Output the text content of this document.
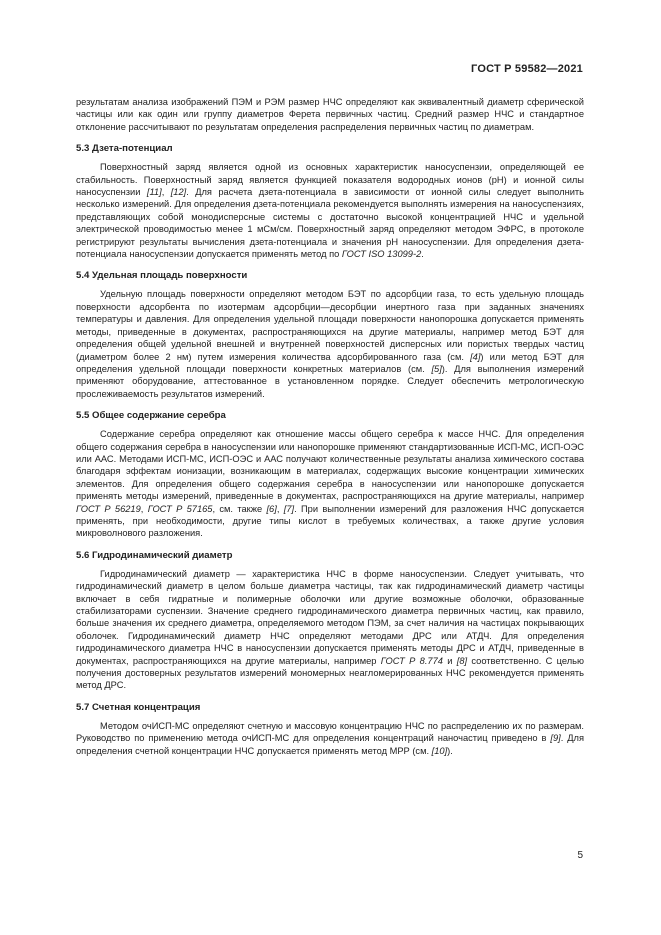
ГОСТ Р 59582—2021

результатам анализа изображений ПЭМ и РЭМ размер НЧС определяют как эквивалентный диаметр сферической частицы или как один или группу диаметров Ферета первичных частиц. Средний размер НЧС и стандартное отклонение рассчитывают по результатам определения распределения первичных частиц по диаметрам.

5.3 Дзета-потенциал

Поверхностный заряд является одной из основных характеристик наносуспензии, определяющей ее стабильность. Поверхностный заряд является функцией показателя водородных ионов (pH) и ионной силы наносуспензии [11], [12]. Для расчета дзета-потенциала в зависимости от ионной силы следует выполнить несколько измерений. Для определения дзета-потенциала рекомендуется выполнять измерения на наносуспензиях, представляющих собой монодисперсные системы с достаточно высокой концентрацией НЧС и удельной электрической проводимостью менее 1 мСм/см. Поверхностный заряд определяют методом ЭФРС, в протоколе регистрируют результаты вычисления дзета-потенциала и значения pH наносуспензии. Для определения дзета-потенциала наносуспензии допускается применять метод по ГОСТ ISO 13099-2.

5.4 Удельная площадь поверхности

Удельную площадь поверхности определяют методом БЭТ по адсорбции газа, то есть удельную площадь поверхности адсорбента по изотермам адсорбции—десорбции инертного газа при заданных значениях температуры и давления. Для определения удельной площади поверхности нанопорошка допускается применять методы, приведенные в документах, распространяющихся на другие материалы, например метод БЭТ для определения общей удельной внешней и внутренней поверхностей дисперсных или пористых твердых частиц (диаметром более 2 нм) путем измерения количества адсорбированного газа (см. [4]) или метод БЭТ для определения удельной площади поверхности конкретных материалов (см. [5]). Для выполнения измерений применяют оборудование, аттестованное в установленном порядке. Следует обеспечить метрологическую прослеживаемость результатов измерений.

5.5 Общее содержание серебра

Содержание серебра определяют как отношение массы общего серебра к массе НЧС. Для определения общего содержания серебра в наносуспензии или нанопорошке применяют стандартизованные ИСП-МС, ИСП-ОЭС или ААС. Методами ИСП-МС, ИСП-ОЭС и ААС получают количественные результаты анализа химического состава благодаря эффектам ионизации, возникающим в материалах, содержащих высокие концентрации химических элементов. Для определения общего содержания серебра в наносуспензии или нанопорошке допускается применять методы измерений, приведенные в документах, распространяющихся на другие материалы, например ГОСТ Р 56219, ГОСТ Р 57165, см. также [6], [7]. При выполнении измерений для разложения НЧС допускается применять, при необходимости, другие типы кислот в требуемых количествах, а также другие условия микроволнового разложения.

5.6 Гидродинамический диаметр

Гидродинамический диаметр — характеристика НЧС в форме наносуспензии. Следует учитывать, что гидродинамический диаметр в целом больше диаметра частицы, так как гидродинамический диаметр частицы включает в себя гидратные и полимерные оболочки или другие возможные оболочки, образованные стабилизаторами суспензии. Значение среднего гидродинамического диаметра первичных частиц, как правило, больше значения их среднего диаметра, определяемого методом ПЭМ, за счет наличия на частицах покрывающих оболочек. Гидродинамический диаметр НЧС определяют методами ДРС или АТДЧ. Для определения гидродинамического диаметра НЧС в наносуспензии допускается применять методы ДРС и АТДЧ, приведенные в документах, распространяющихся на другие материалы, например ГОСТ Р 8.774 и [8] соответственно. С целью получения достоверных результатов измерений мономерных неагломерированных НЧС рекомендуется применять метод ДРС.

5.7 Счетная концентрация

Методом очИСП-МС определяют счетную и массовую концентрацию НЧС по распределению их по размерам. Руководство по применению метода очИСП-МС для определения концентраций наночастиц приведено в [9]. Для определения счетной концентрации НЧС допускается применять метод МРР (см. [10]).

5
